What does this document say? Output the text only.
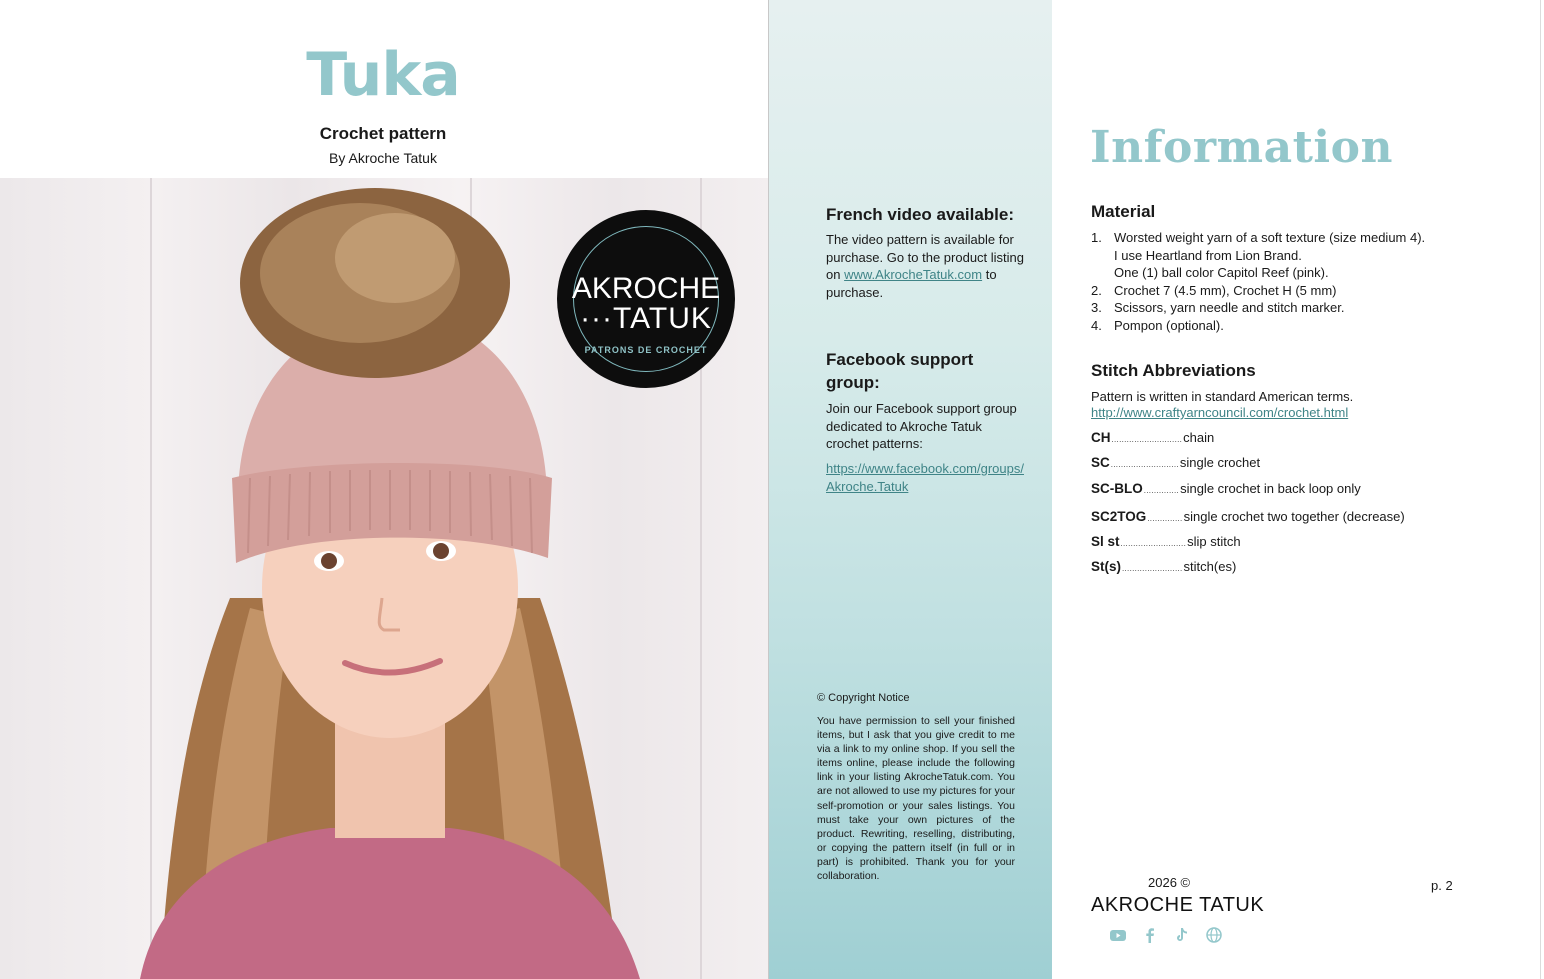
Tuka
Crochet pattern
By Akroche Tatuk
AKROCHE
···TATUK
PATRONS DE CROCHET
French video available:
The video pattern is available for purchase. Go to the product listing on www.AkrocheTatuk.com to purchase.
Facebook support group:
Join our Facebook support group dedicated to Akroche Tatuk crochet patterns:
https://www.facebook.com/groups/Akroche.Tatuk
© Copyright Notice
You have permission to sell your finished items, but I ask that you give credit to me via a link to my online shop. If you sell the items online, please include the following link in your listing AkrocheTatuk.com. You are not allowed to use my pictures for your self-promotion or your sales listings. You must take your own pictures of the product. Rewriting, reselling, distributing, or copying the pattern itself (in full or in part) is prohibited. Thank you for your collaboration.
Information
Material
1. Worsted weight yarn of a soft texture (size medium 4).
I use Heartland from Lion Brand.
One (1) ball color Capitol Reef (pink).
2. Crochet 7 (4.5 mm), Crochet H (5 mm)
3. Scissors, yarn needle and stitch marker.
4. Pompon (optional).
Stitch Abbreviations
Pattern is written in standard American terms.
http://www.craftyarncouncil.com/crochet.html
CH ............................ chain
SC ........................... single crochet
SC-BLO .............. single crochet in back loop only
SC2TOG .............. single crochet two together (decrease)
Sl st .......................... slip stitch
St(s) ........................ stitch(es)
2026 ©
AKROCHE TATUK
p. 2
